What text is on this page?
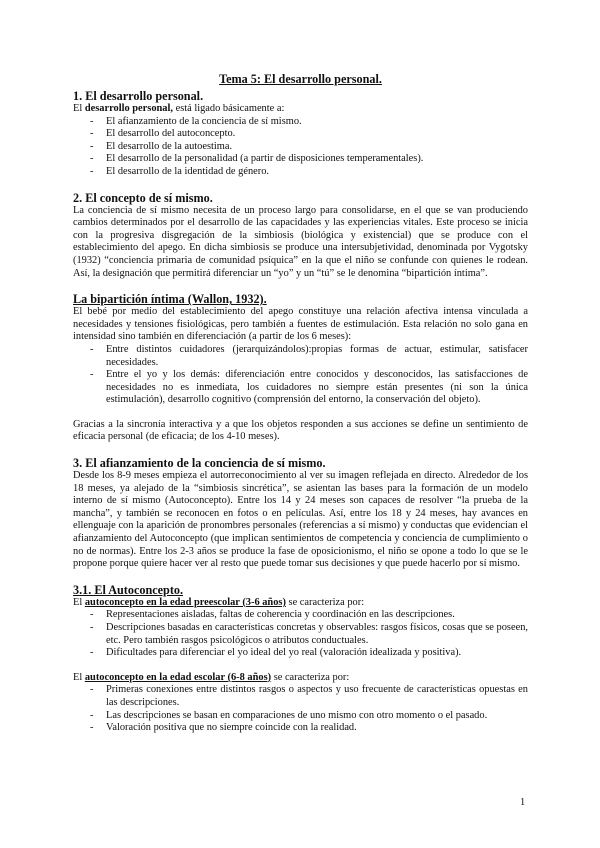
Tema 5: El desarrollo personal.
1. El desarrollo personal.

El desarrollo personal, está ligado básicamente a:

- El afianzamiento de la conciencia de sí mismo.
- El desarrollo del autoconcepto.
- El desarrollo de la autoestima.
- El desarrollo de la personalidad (a partir de disposiciones temperamentales).
- El desarrollo de la identidad de género.
2. El concepto de sí mismo.

La conciencia de sí mismo necesita de un proceso largo para consolidarse, en el que se van produciendo cambios determinados por el desarrollo de las capacidades y las experiencias vitales. Este proceso se inicia con la progresiva disgregación de la simbiosis (biológica y existencial) que se produce con el establecimiento del apego. En dicha simbiosis se produce una intersubjetividad, denominada por Vygotsky (1932) “conciencia primaria de comunidad psíquica” en la que el niño se confunde con quienes le rodean. Así, la designación que permitirá diferenciar un “yo” y un “tú” se le denomina “bipartición íntima”.

La bipartición íntima (Wallon, 1932).

El bebé por medio del establecimiento del apego constituye una relación afectiva intensa vinculada a necesidades y tensiones fisiológicas, pero también a fuentes de estimulación. Esta relación no solo gana en intensidad sino también en diferenciación (a partir de los 6 meses):

- Entre distintos cuidadores (jerarquizándolos):propias formas de actuar, estimular, satisfacer necesidades.
- Entre el yo y los demás: diferenciación entre conocidos y desconocidos, las satisfacciones de necesidades no es inmediata, los cuidadores no siempre están presentes (ni son la única estimulación), desarrollo cognitivo (comprensión del entorno, la conservación del objeto).

Gracias a la sincronía interactiva y a que los objetos responden a sus acciones se define un sentimiento de eficacia personal (de eficacia; de los 4-10 meses).

3. El afianzamiento de la conciencia de sí mismo.

Desde los 8-9 meses empieza el autorreconocimiento al ver su imagen reflejada en directo. Alrededor de los 18 meses, ya alejado de la “simbiosis sincrética”, se asientan las bases para la formación de un modelo interno de sí mismo (Autoconcepto). Entre los 14 y 24 meses son capaces de resolver “la prueba de la mancha”, y también se reconocen en fotos o en películas. Así, entre los 18 y 24 meses, hay avances en ellenguaje con la aparición de pronombres personales (referencias a sí mismo) y conductas que evidencian el afianzamiento del Autoconcepto (que implican sentimientos de competencia y conciencia de cumplimiento o no de normas). Entre los 2-3 años se produce la fase de oposicionismo, el niño se opone a todo lo que se le propone porque quiere hacer ver al resto que puede tomar sus decisiones y que puede hacerlo por sí mismo.

3.1. El Autoconcepto.

El autoconcepto en la edad preescolar (3-6 años) se caracteriza por:

- Representaciones aisladas, faltas de coherencia y coordinación en las descripciones.
- Descripciones basadas en características concretas y observables: rasgos físicos, cosas que se poseen, etc. Pero también rasgos psicológicos o atributos conductuales.
- Dificultades para diferenciar el yo ideal del yo real (valoración idealizada y positiva).

El autoconcepto en la edad escolar (6-8 años) se caracteriza por:

- Primeras conexiones entre distintos rasgos o aspectos y uso frecuente de características opuestas en las descripciones.
- Las descripciones se basan en comparaciones de uno mismo con otro momento o el pasado.
- Valoración positiva que no siempre coincide con la realidad.
1
